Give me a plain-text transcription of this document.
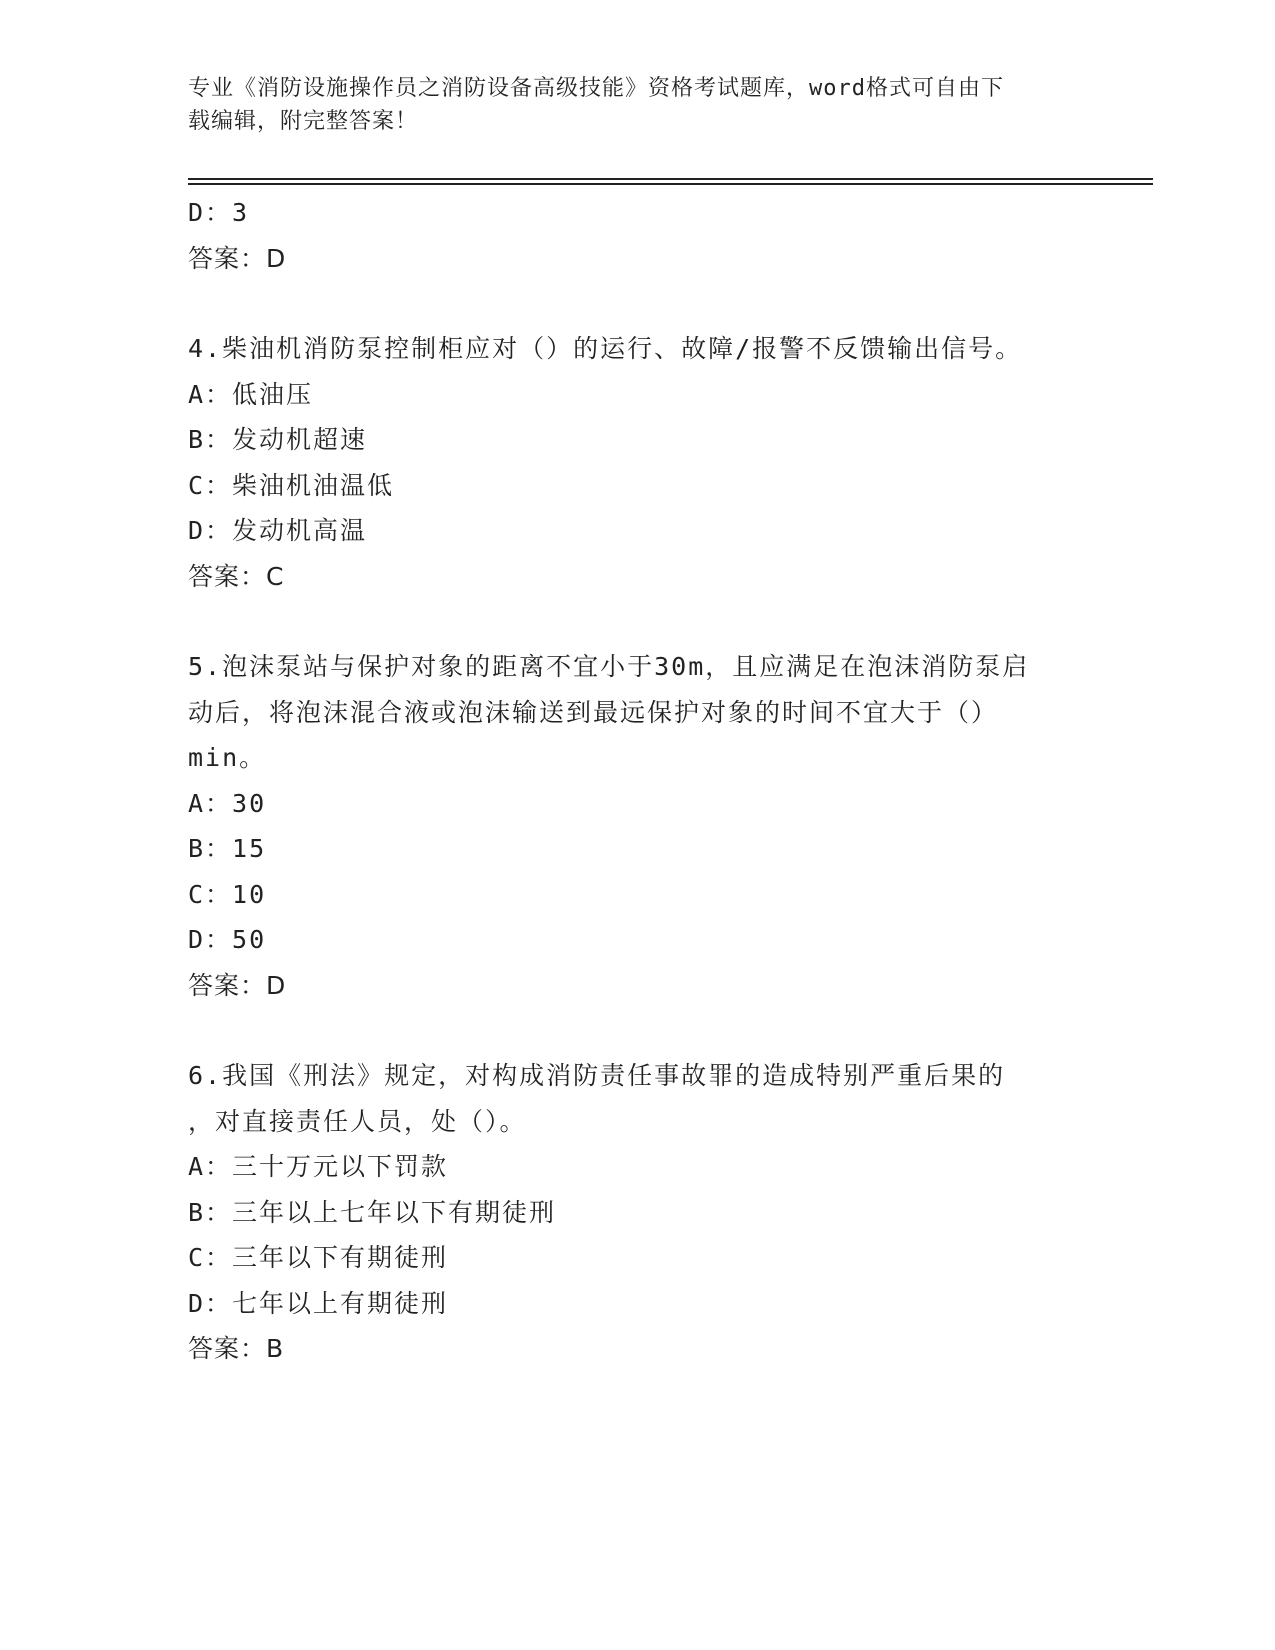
专业《消防设施操作员之消防设备高级技能》资格考试题库，word格式可自由下
载编辑，附完整答案！
D：3
答案：D
4.柴油机消防泵控制柜应对（）的运行、故障/报警不反馈输出信号。
A：低油压
B：发动机超速
C：柴油机油温低
D：发动机高温
答案：C
5.泡沫泵站与保护对象的距离不宜小于30m，且应满足在泡沫消防泵启
动后，将泡沫混合液或泡沫输送到最远保护对象的时间不宜大于（）
min。
A：30
B：15
C：10
D：50
答案：D
6.我国《刑法》规定，对构成消防责任事故罪的造成特别严重后果的
，对直接责任人员，处（）。
A：三十万元以下罚款
B：三年以上七年以下有期徒刑
C：三年以下有期徒刑
D：七年以上有期徒刑
答案：B
